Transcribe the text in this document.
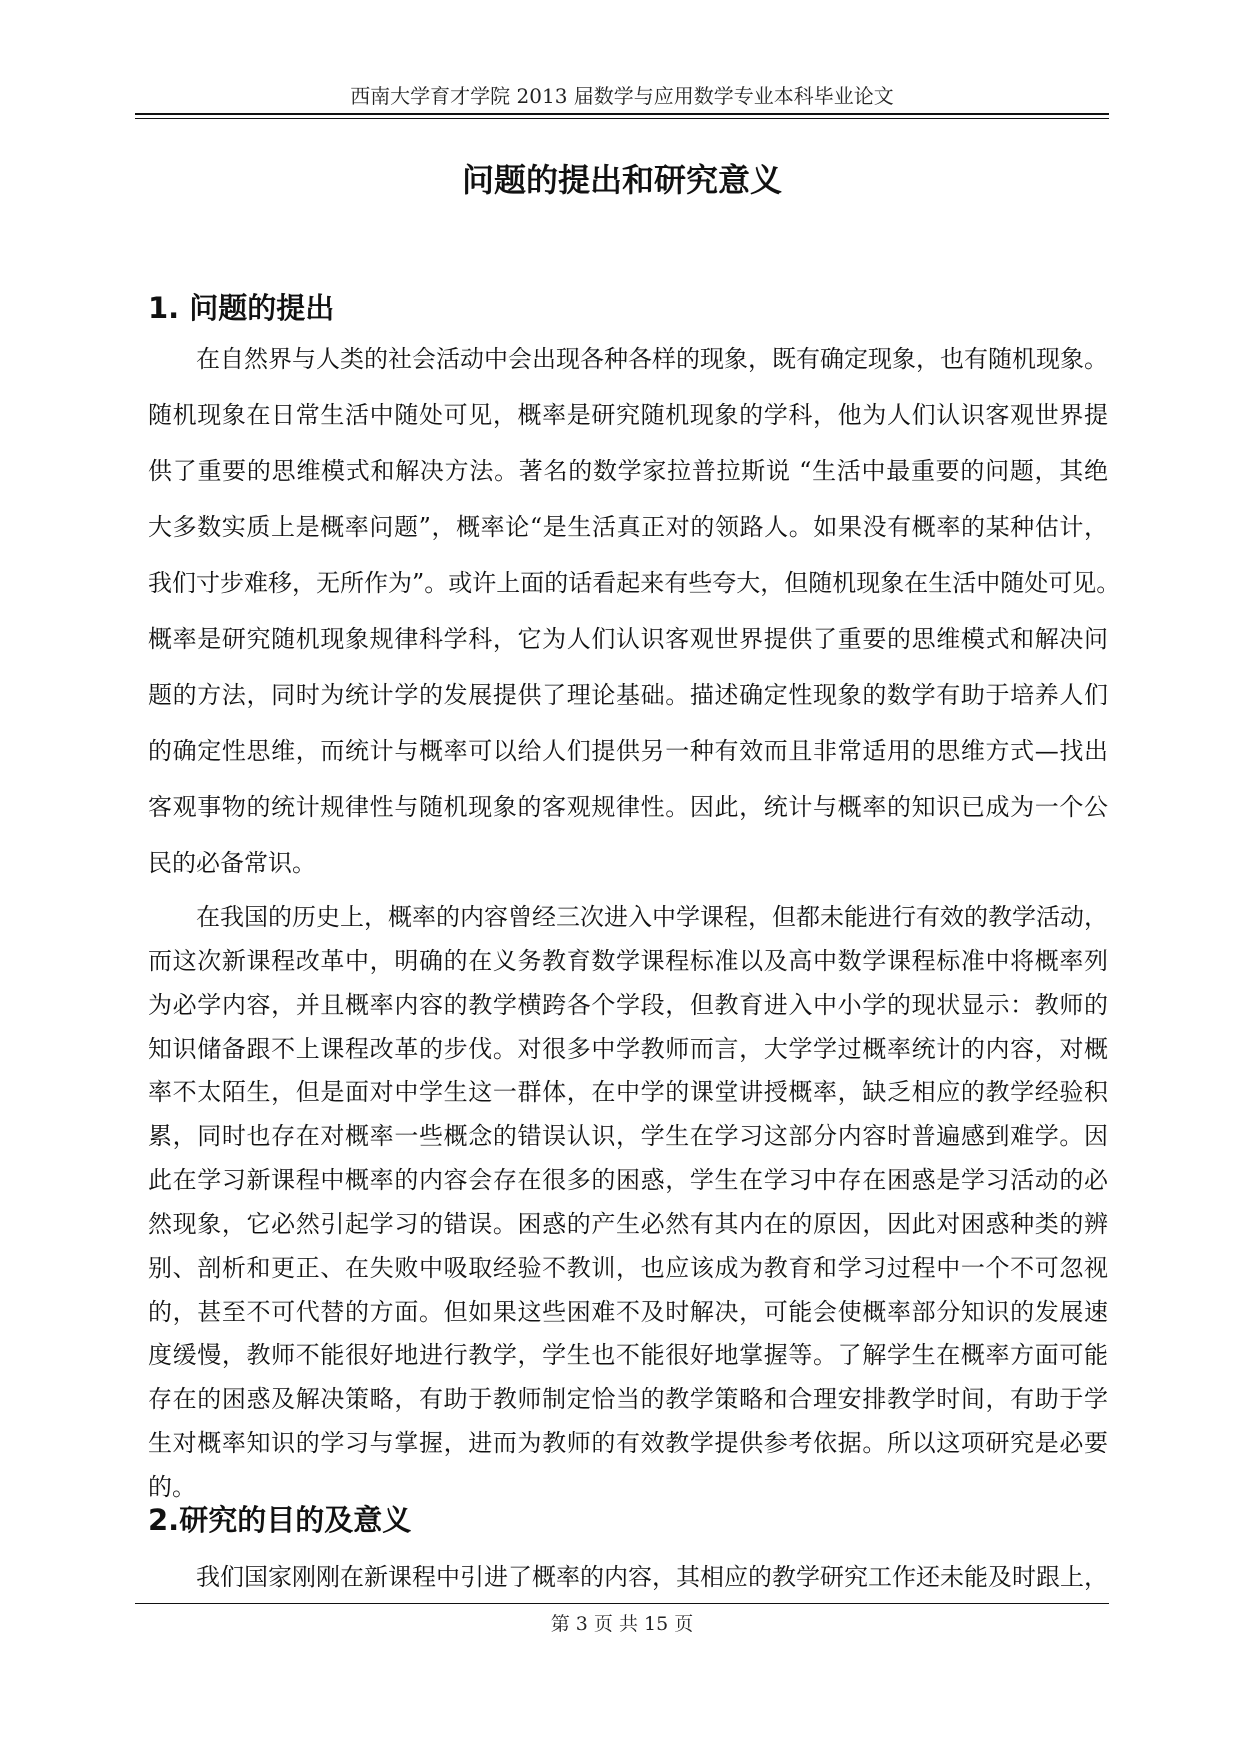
西南大学育才学院 2013 届数学与应用数学专业本科毕业论文
问题的提出和研究意义
1. 问题的提出
在自然界与人类的社会活动中会出现各种各样的现象，既有确定现象，也有随机现象。
随机现象在日常生活中随处可见，概率是研究随机现象的学科，他为人们认识客观世界提
供了重要的思维模式和解决方法。著名的数学家拉普拉斯说 “生活中最重要的问题，其绝
大多数实质上是概率问题”，概率论“是生活真正对的领路人。如果没有概率的某种估计，
我们寸步难移，无所作为”。或许上面的话看起来有些夸大，但随机现象在生活中随处可见。
概率是研究随机现象规律科学科，它为人们认识客观世界提供了重要的思维模式和解决问
题的方法，同时为统计学的发展提供了理论基础。描述确定性现象的数学有助于培养人们
的确定性思维，而统计与概率可以给人们提供另一种有效而且非常适用的思维方式—找出
客观事物的统计规律性与随机现象的客观规律性。因此，统计与概率的知识已成为一个公
民的必备常识。
在我国的历史上，概率的内容曾经三次进入中学课程，但都未能进行有效的教学活动，
而这次新课程改革中，明确的在义务教育数学课程标准以及高中数学课程标准中将概率列
为必学内容，并且概率内容的教学横跨各个学段，但教育进入中小学的现状显示：教师的
知识储备跟不上课程改革的步伐。对很多中学教师而言，大学学过概率统计的内容，对概
率不太陌生，但是面对中学生这一群体，在中学的课堂讲授概率，缺乏相应的教学经验积
累，同时也存在对概率一些概念的错误认识，学生在学习这部分内容时普遍感到难学。因
此在学习新课程中概率的内容会存在很多的困惑，学生在学习中存在困惑是学习活动的必
然现象，它必然引起学习的错误。困惑的产生必然有其内在的原因，因此对困惑种类的辨
别、剖析和更正、在失败中吸取经验不教训，也应该成为教育和学习过程中一个不可忽视
的，甚至不可代替的方面。但如果这些困难不及时解决，可能会使概率部分知识的发展速
度缓慢，教师不能很好地进行教学，学生也不能很好地掌握等。了解学生在概率方面可能
存在的困惑及解决策略，有助于教师制定恰当的教学策略和合理安排教学时间，有助于学
生对概率知识的学习与掌握，进而为教师的有效教学提供参考依据。所以这项研究是必要
的。
2.研究的目的及意义
我们国家刚刚在新课程中引进了概率的内容，其相应的教学研究工作还未能及时跟上，
第 3 页 共 15 页
